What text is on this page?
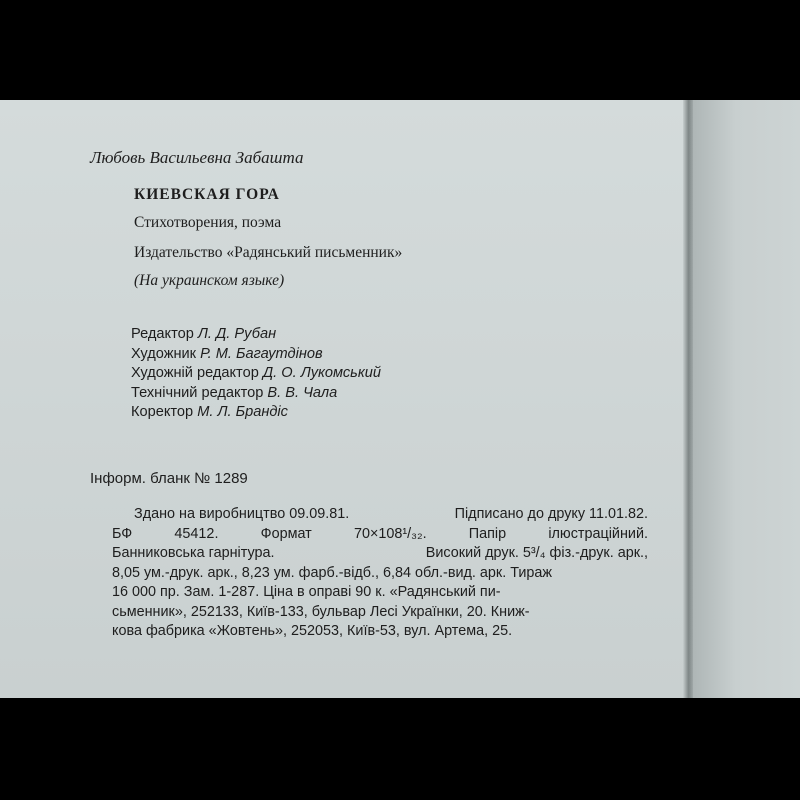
Любовь Васильевна Забашта

КИЕВСКАЯ ГОРА

Стихотворения, поэма

Издательство «Радянський письменник»

(На украинском языке)

Редактор Л. Д. Рубан
Художник Р. М. Багаутдінов
Художній редактор Д. О. Лукомський
Технічний редактор В. В. Чала
Коректор М. Л. Брандіс

Інформ. бланк № 1289

Здано на виробництво 09.09.81.	Підписано до друку 11.01.82.
БФ	45412.	Формат	70×108¹/₃₂.	Папір	ілюстраційний.
Банниковська гарнітура.	Високий друк. 5³/₄ фіз.-друк. арк.,
8,05 ум.-друк. арк., 8,23 ум. фарб.-відб., 6,84 обл.-вид. арк. Тираж
16 000 пр. Зам. 1-287. Ціна в оправі 90 к. «Радянський пи-
сьменник», 252133, Київ-133, бульвар Лесі Українки, 20. Книж-
кова фабрика «Жовтень», 252053, Київ-53, вул. Артема, 25.
